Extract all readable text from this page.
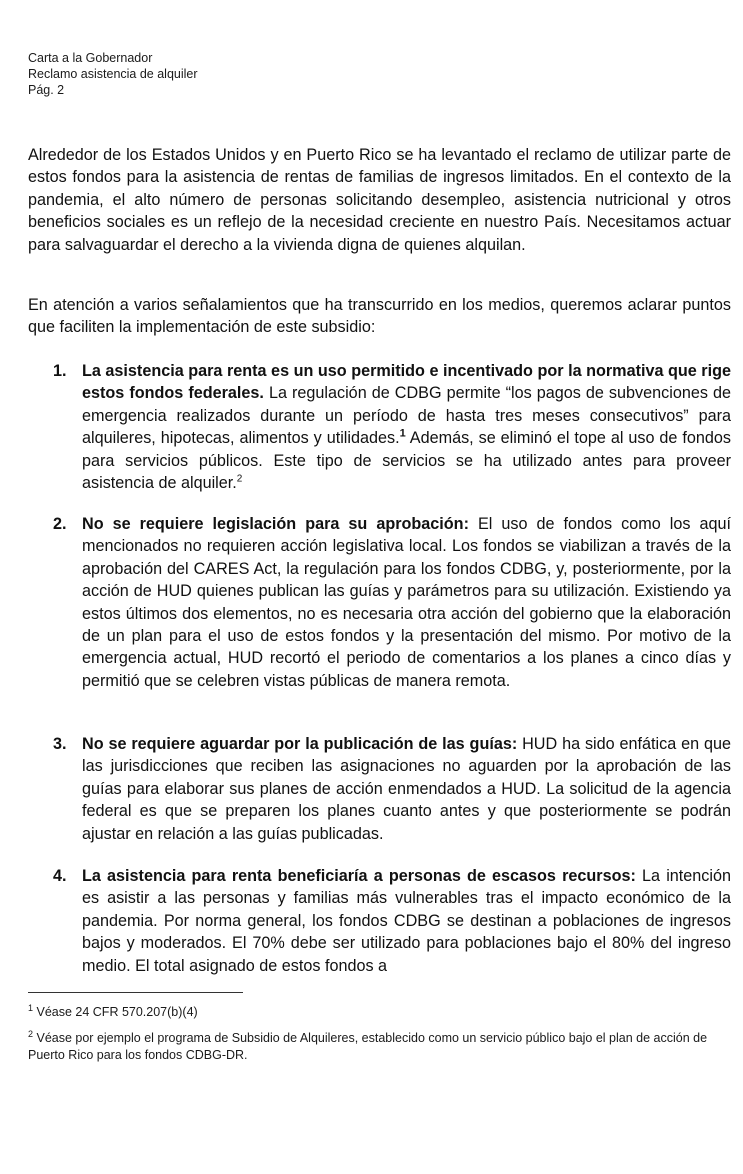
Carta a la Gobernador
Reclamo asistencia de alquiler
Pág. 2

Alrededor de los Estados Unidos y en Puerto Rico se ha levantado el reclamo de utilizar parte de estos fondos para la asistencia de rentas de familias de ingresos limitados. En el contexto de la pandemia, el alto número de personas solicitando desempleo, asistencia nutricional y otros beneficios sociales es un reflejo de la necesidad creciente en nuestro País. Necesitamos actuar para salvaguardar el derecho a la vivienda digna de quienes alquilan.

En atención a varios señalamientos que ha transcurrido en los medios, queremos aclarar puntos que faciliten la implementación de este subsidio:

1. La asistencia para renta es un uso permitido e incentivado por la normativa que rige estos fondos federales. La regulación de CDBG permite “los pagos de subvenciones de emergencia realizados durante un período de hasta tres meses consecutivos” para alquileres, hipotecas, alimentos y utilidades.$^1$ Además, se eliminó el tope al uso de fondos para servicios públicos. Este tipo de servicios se ha utilizado antes para proveer asistencia de alquiler.$^2$
2. No se requiere legislación para su aprobación: El uso de fondos como los aquí mencionados no requieren acción legislativa local. Los fondos se viabilizan a través de la aprobación del CARES Act, la regulación para los fondos CDBG, y, posteriormente, por la acción de HUD quienes publican las guías y parámetros para su utilización. Existiendo ya estos últimos dos elementos, no es necesaria otra acción del gobierno que la elaboración de un plan para el uso de estos fondos y la presentación del mismo. Por motivo de la emergencia actual, HUD recortó el periodo de comentarios a los planes a cinco días y permitió que se celebren vistas públicas de manera remota.
3. No se requiere aguardar por la publicación de las guías: HUD ha sido enfática en que las jurisdicciones que reciben las asignaciones no aguarden por la aprobación de las guías para elaborar sus planes de acción enmendados a HUD. La solicitud de la agencia federal es que se preparen los planes cuanto antes y que posteriormente se podrán ajustar en relación a las guías publicadas.
4. La asistencia para renta beneficiaría a personas de escasos recursos: La intención es asistir a las personas y familias más vulnerables tras el impacto económico de la pandemia. Por norma general, los fondos CDBG se destinan a poblaciones de ingresos bajos y moderados. El 70% debe ser utilizado para poblaciones bajo el 80% del ingreso medio. El total asignado de estos fondos a

$^1$ Véase 24 CFR 570.207(b)(4)

$^2$ Véase por ejemplo el programa de Subsidio de Alquileres, establecido como un servicio público bajo el plan de acción de Puerto Rico para los fondos CDBG-DR.
